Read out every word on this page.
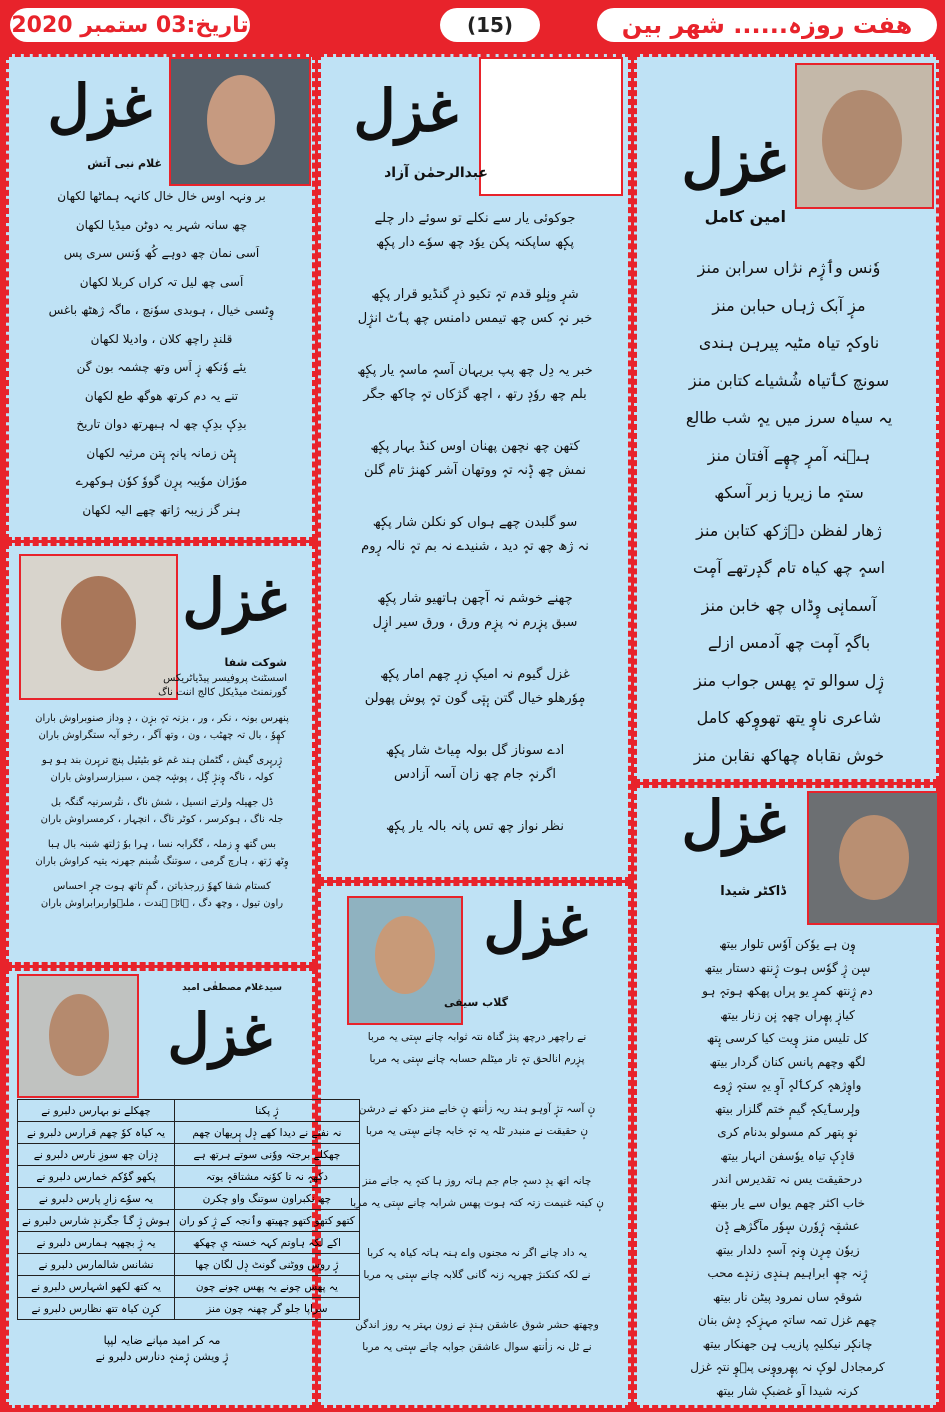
تاریخ:03 ستمبر 2020	(15)	ھفت روزہ...... شھر بین
غزل
امین کامل
وٗنس وٲژٕم نژاں سرابن منز
مزٕ آبک ژہاں حبابن منز
ناوکہٕ تیاہ مٹیہ پیرہن ہندی
سونچ کٲتیاہ شُشیاے کتابن منز
یہ سیاہ سرز میں یہٕ شب طالع
ہٮ۪نہ آمرٕ چھٕے آفتان منز
ستہٕ ما زیریا زبر آسکھ
ژھار لفظن دٟژکھ کتابن منز
اسہٕ چھ کیاہ تام گدٕرتھے آمٕت
آسمانٕی وٕڈاں چھ خابن منز
باگہٕ آمٕت چھ آدمس ازلے
ژٕل سوالو تہٕ پھس جواب منز
شاعری ناوٕ یتھ تھووٕکھ کامل
خوش نقاباہ چھاکھ نقابن منز
غزل
ڈاکٹر شیدا
وٕن ہے یوٗکن آوٗس تلوار بیتھ
سٕن ژٕ گوٗس ہوت ژٕنتھ دستار بیتھ
دم ژٕنتھ کمرٕ یو پراں پھکھ ہوتہٕ ہو
کیازٕ پھٕراں چھہٕ نٕن زنار بیتھ
کل تلیس منز وٕیت کیا کرسی یٕتھ
لگھ وچھم پانس کنان گردار بیتھ
واوٕژھہٕ کرکٲلہٕ آوٕ یہٕ ستہٕ ژٕوے
ولٕرسٲیکہٕ گیمٕ ختم گلزار بیتھ
نوٕ پتھر کم مسولو بدنام کری
قادٕکٕ تیاہ یوٗسفن انہار بیتھ
درحقیقت یس نہ تقدیرس اندر
خاب اکثر چھم یواں سے یار بیتھ
عشقٕہ ژٕوٗرن سٕوٗر مآگژھے ڈٕن
زیوٗن مٕرٕن وٕنہٕ آسہٕ دلدار بیتھ
ژٕنہ چھٕ ابراہیم ہندٕی زندٕے محب
شوقہٕ ساں نمرود پیٹن نار بیتھ
چھم غزل تمہ ساتہٕ مہزٕکہٕ دٕش بنان
چانکٕر نیکلیہٕ پازیب ہٕن جھنکار بیتھ
کرمجادل لوکٕ نہ پھٕرووٕنی پٮ۪وٕ نتہٕ غزل
کرنہ شیدا آو غضبکٕ شار بیتھ
غزل
عبدالرحمٰن آزاد
جوکوئی یار سے نکلے تو سوئے دار چلے
پکٕھ ساپکنہ پکن یوٗد چھ سوٗے دار پکٕھ
شرٕ ونٕلو قدم تہٕ تکیو ذرٕ گنڈیو قرار پکٕھ
خبر نہٕ کس چھ تیمس دامنس چھ پٲٹ انژٕل
خبر یہ دِل چھ پپ بریہان آسہٕ ماسہٕ یار پکٕھ
بلم چھ روٗدٕ رتھ ، اچھ گژکاں تہٕ چاکھ جگر
کتھن چھ نچھن پھنان اوس کنڈ بہار پکٕھ
نمش چھ ڈٕنہ تہٕ ووتھان آشر کھنژ تام گلن
سو گلبدن چھے ہواں کو نکلن شار پکٕھ
نہ ژھ چھ تہٕ دید ، شنیدے نہ بم تہٕ نالہ رٕوم
چھنے خوشم نہ آچھن ہاتھیو شار پکٕھ
سبق پزٕرم نہ پزٕم ورق ، ورق سیر ازٕل
غزل گیوم نہ امیکٕ زرٕ چھم امار پکٕھ
مٕوٗرھلو خیال گتن بٕتٕی گون تہٕ پوش پھولن
ادے سوناز گل بولہ مٕیاٹ شار پکٕھ
اگرنہٕ جام چھ زان آسہ آزادس
نظر نواز چھ تس پانہ بالہ یار پکٕھ
غزل
گلاب سیفی
نے راچھر درچھ پنژ گناہ نتہ ثوابہ چانے سٕتی یہ مربا
پزٕرم انالحق تہٕ تار میٹلم حسابہ چانے سٕتی یہ مربا
نٕ آسہ تژٕ آوہو ہند ریہ زاٰنتھ نٕ خابے منز دکھ نے درشن
نٕ حقیقت نے منبدر ٹلہ یہ تہٕ خابہ چانے سٕتی یہ مربا
چانہ اتھ یدٕ دسہٕ جام جم ہاتہ روز ہا کتہٕ یہ جانے منز
نٕ کیتہ غنیمت زتہ کتہ ہوت پھس شرابہ چانے سٕتی یہ مربا
یہ داد چانے اگر نہ مجنوں واے ہنہ ہاتہ کیاہ یہ کربا
نے لکہ کنکنژ چھرپہ زنہ گانی گلابہ چانے سٕتی یہ مربا
وچھتھ حشر شوق عاشقن ہندٕ نے زون بہتر یہ روز اندگن
نے ٹل نہ زاٰنتھ سوال عاشقن جوابہ چانے سٕتی یہ مربا
غزل
غلام نبی آتش
بر ونہہ اوس خال خال کانہہ ہماٹھا لکھان
چھ سانہ شہر یہ دوٹن میڈیا لکھان
اَسی نمان چھ دوہے کُھ وٗنس سری پس
اَسی چھ لیل تہ کراں کربلا لکھان
وٕٹسی خیال ، ہوبدی سوٗنچ ، ماگہ ژھٹھ باغس
قلندٕ راچھ کلان ، وادیلا لکھان
یئے وٗنکھ زٕ اَس وتھ چشمہ بون گن
تنے یہ دم کرتھ ھوگھ طع لکھان
بدِکٕ بدِکٕ چھ لہ ہبھرتھ دوان تاریخ
پٕٹن زمانہ پانہٕ پٕتن مرثیہ لکھان
موٗژان موٗیبہ پرٕن گووٗ کوٗن ہوکھرے
ہنر گز زیبہ ژاتھ چھے الیہ لکھان
غزل
شوکت شفا
اسسٹنٹ پروفیسر پیڈیاٹریکس
گورنمنٹ میڈیکل کالج اننت ناگ
پنھرس بونہ ، نکر ، ور ، بزنہ تہٕ بزٕن ، دٕ وداز صنوبراوش باران
کھٕوٗ ، بال تہ چھٹب ، ون ، وتھ آگر ، رخو آبہ ستگراوش باران
ژٕرپٕری گیش ، گٹملن ہند غم غو بٹیٹیل پنچ تریٕرن بند ہو ہو
کولہ ، ناگہ وٕنژٕ گٕل ، پوشٕہ چمن ، سبزارسراوش باران
ڈل جھیلہ ولرتے انسیل ، شش ناگ ، نتُرسرنیہ گنگہ بل
جلہ ناگ ، ہوکرسر ، کوٹر ناگ ، انچہار ، کرمسراوش باران
بس گتھ وٕ زملہ ، گگرابہ نسا ، ہٕرا بوٗ ژلتھ شبنہ بال ہبا
وٕٹھ ژتھ ، ہارچ گرمی ، سوتنگ شُبنم جھرنہ یتیہ کراوش باران
کستام شفا کھوٗ زرجذباتن ، گمٕ تاتھ ہوت چرٕ احساس
راون تیول ، وچھ دگ ، ہائے ہندت ، ملٮ۪واربرابراوش باران
غزل
سیدغلام مصطفٰی امید
ژٕ پکنا	چھکلے نو بہارس دلبرو نے
نہ نفنے نے دیدا کھے دٕل پٕریھان چھم	یہ کیاہ کوٗ چھم قرارس دلبرو نے
چھکلے برجتہ ووٗنی سوتے ہرتھ ہے	دٕزان چھ سوزِ نارس دلبرو نے
دکھہٕ نہ تا کوٗنہ مشتاقہٕ یوتہ	پکھو گوٗکم خمارس دلبرو نے
چھ نکبراون سوتنگ واو چکرن	یہ سوٗے زارِ پارس دلبرو نے
کتھو کتھو کتھو چھیتھ وٲنجہ کے ژٕ کو ران	ہوش ژٕ گٲ جگرندٕ شارس دلبرو نے
اکے لکہ ہاوتم کہہ خستہ یٕ چھکھ	یہ ژٕ بچھپہ ہمارس دلبرو نے
ژٕ روس ووٹنی گونٹ دٕل لگان چھا	نشانس شالمارس دلبرو نے
یہ پھس چونے یہ پھس چونے چون	یہ کتھ لکھو اشہارس دلبرو نے
سراپا جلو گر چھنہ چون منز	کرٕن کیاہ تتھ نظارس دلبرو نے
مہ کر امید مپانے ضایہ لپپا
ژٕ ویشن ژٕمنہٕ دنارس دلبرو نے
